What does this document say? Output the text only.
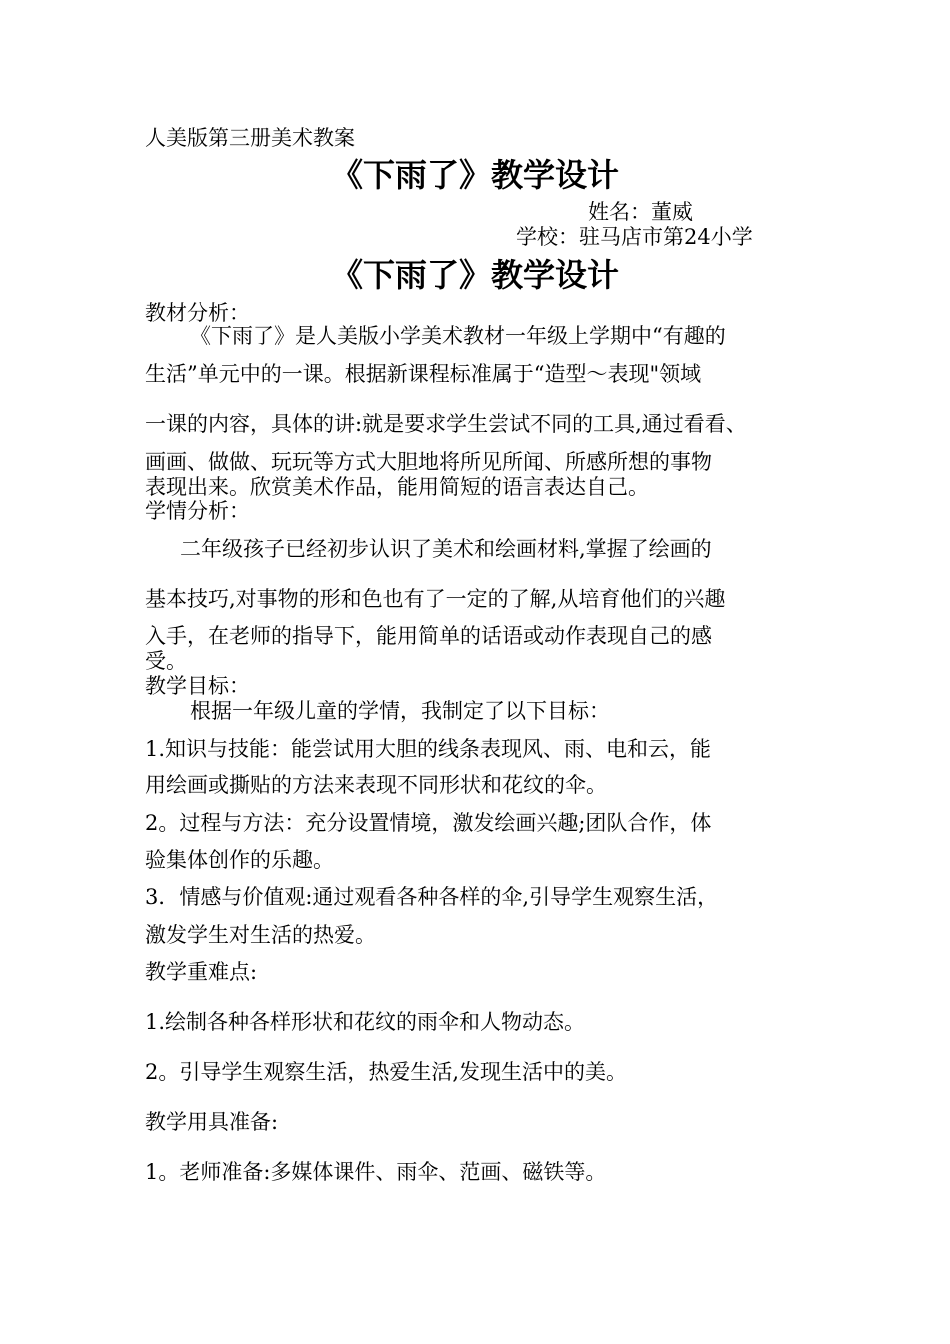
人美版第三册美术教案
《下雨了》教学设计
姓名：董威
学校：驻马店市第24小学
《下雨了》教学设计
教材分析：
《下雨了》是人美版小学美术教材一年级上学期中“有趣的
生活”单元中的一课。根据新课程标准属于“造型～表现"领域
一课的内容，具体的讲:就是要求学生尝试不同的工具,通过看看、
画画、做做、玩玩等方式大胆地将所见所闻、所感所想的事物
表现出来。欣赏美术作品，能用简短的语言表达自己。
学情分析：
二年级孩子已经初步认识了美术和绘画材料,掌握了绘画的
基本技巧,对事物的形和色也有了一定的了解,从培育他们的兴趣
入手，在老师的指导下，能用简单的话语或动作表现自己的感
受。
教学目标：
根据一年级儿童的学情，我制定了以下目标：
1.知识与技能：能尝试用大胆的线条表现风、雨、电和云，能
用绘画或撕贴的方法来表现不同形状和花纹的伞。
2。过程与方法：充分设置情境，激发绘画兴趣;团队合作，体
验集体创作的乐趣。
3．情感与价值观:通过观看各种各样的伞,引导学生观察生活，
激发学生对生活的热爱。
教学重难点:
1.绘制各种各样形状和花纹的雨伞和人物动态。
2。引导学生观察生活，热爱生活,发现生活中的美。
教学用具准备:
1。老师准备:多媒体课件、雨伞、范画、磁铁等。
